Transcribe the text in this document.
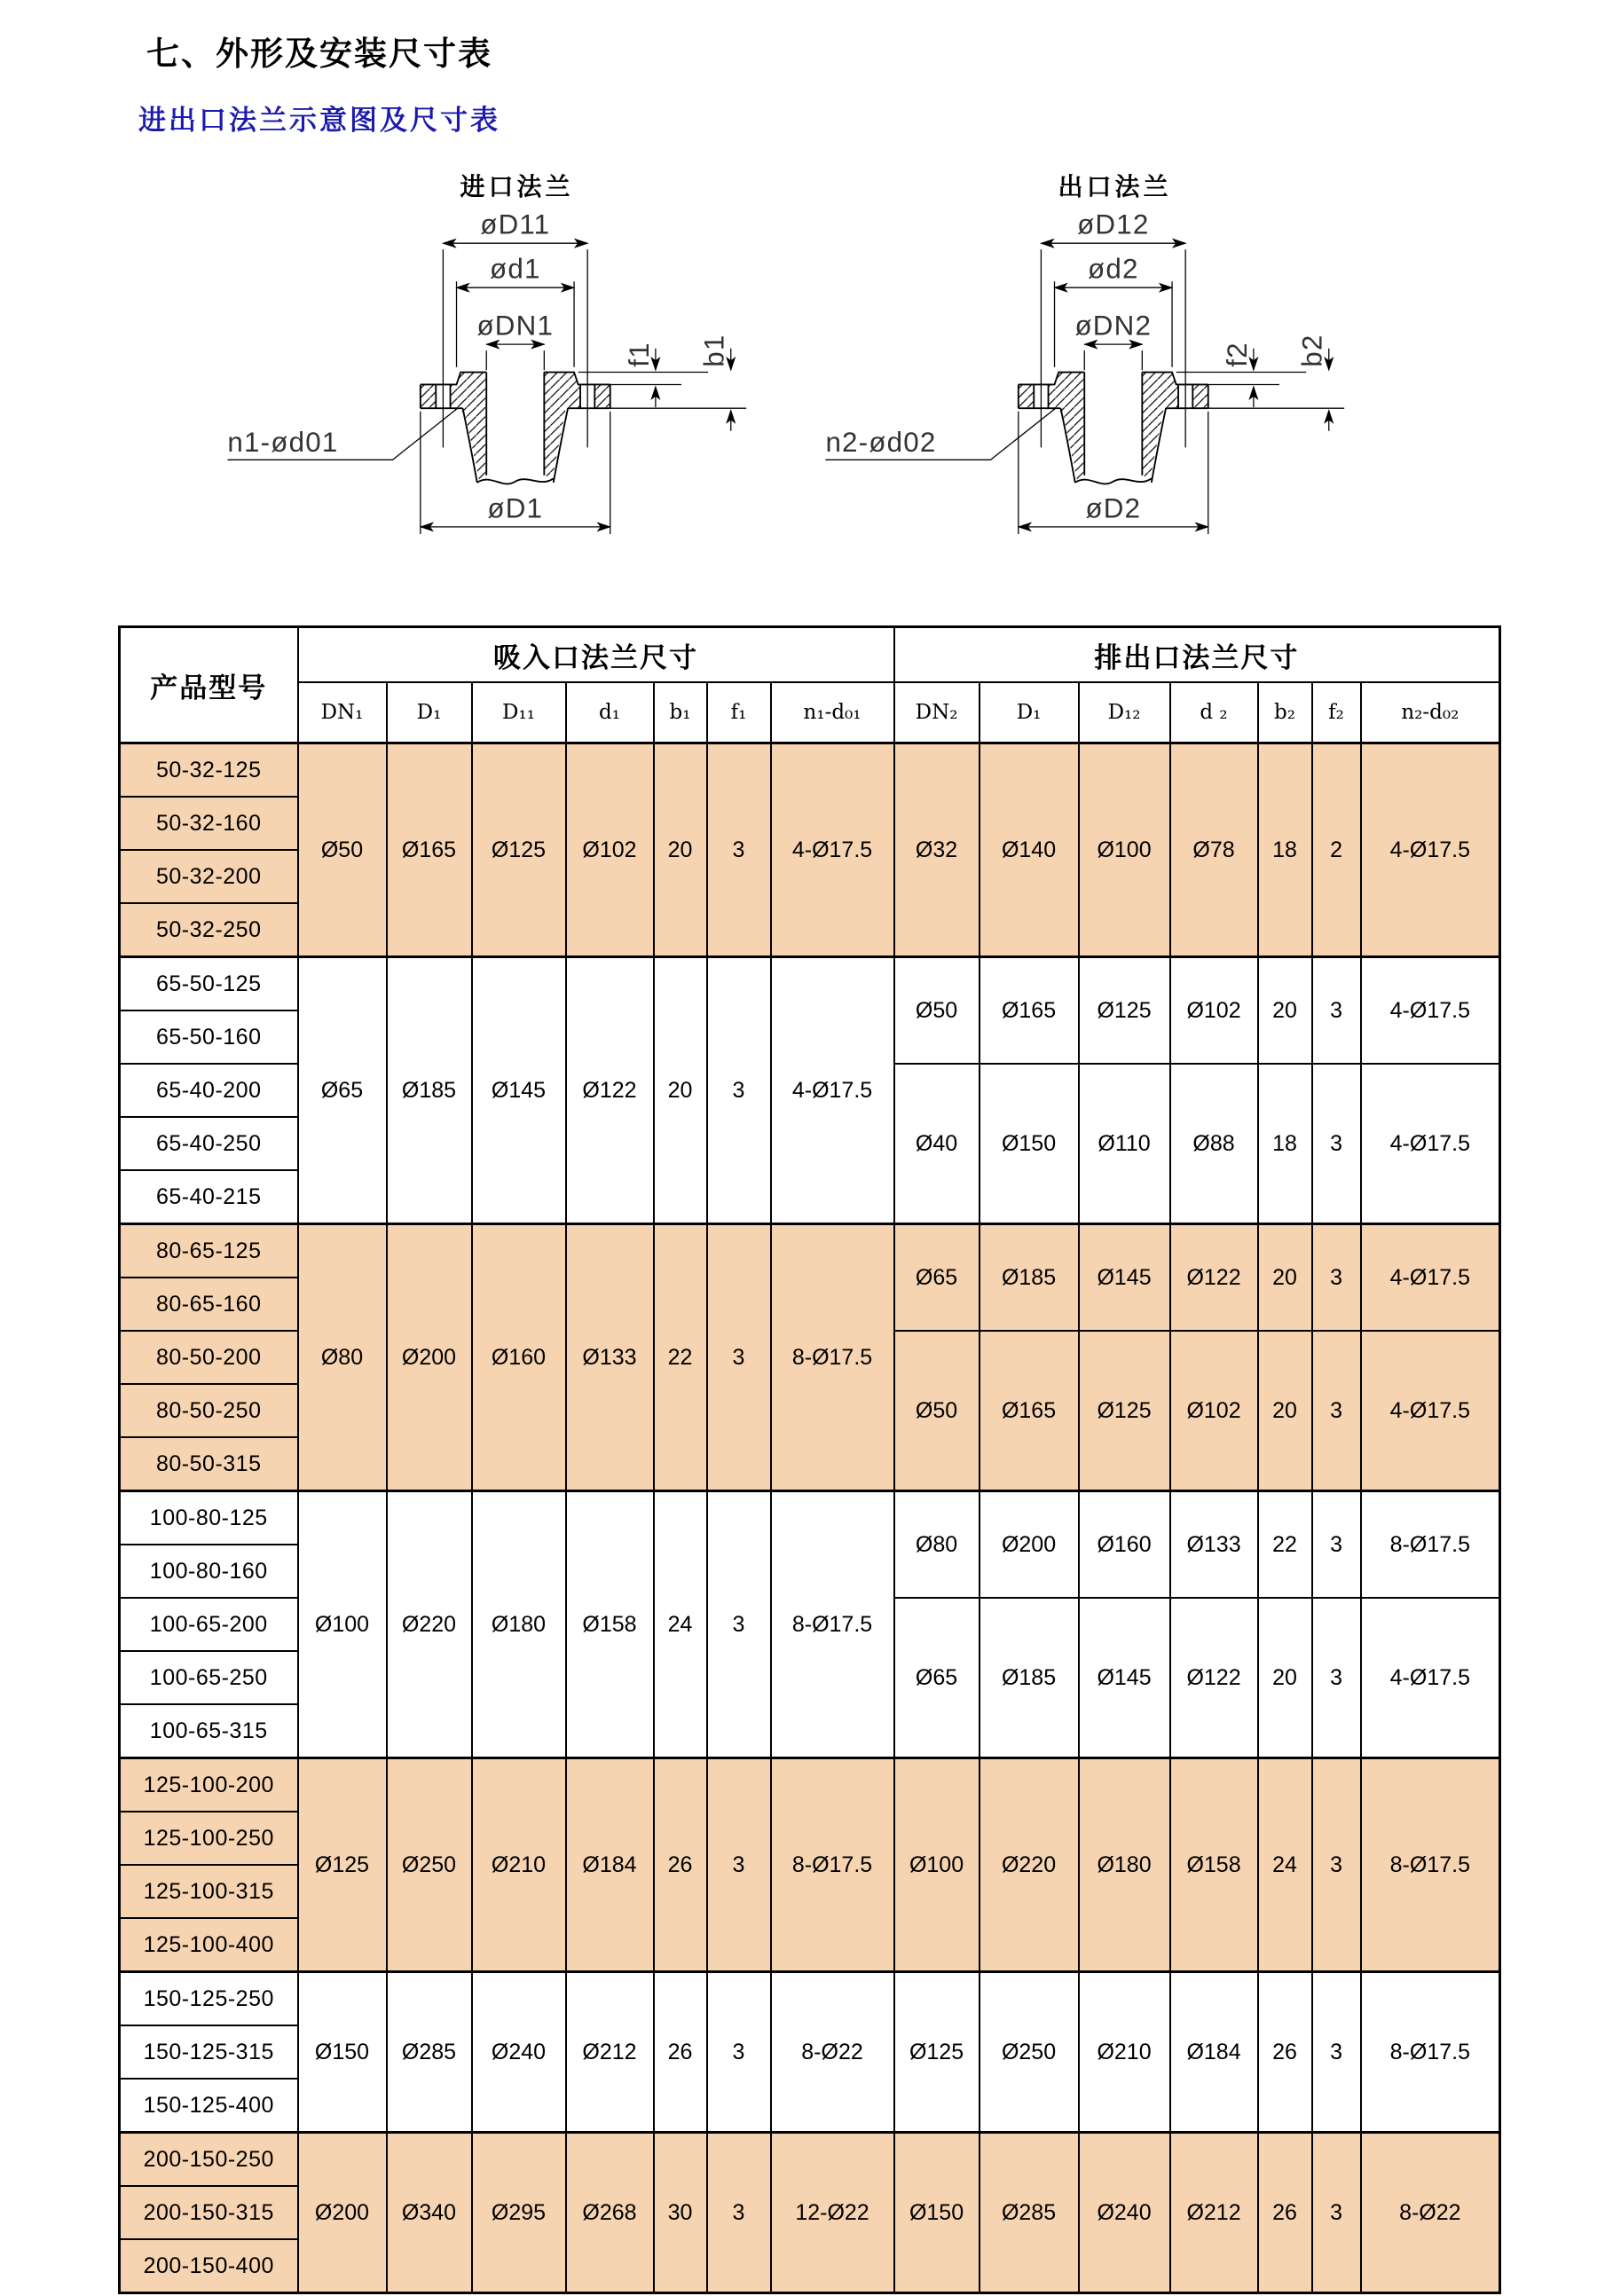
七、外形及安装尺寸表
进出口法兰示意图及尺寸表
进口法兰
øD11
ød1
øDN1
øD1
f1 b1
n1-ød01
出口法兰
øD12
ød2
øDN2
øD2
f2 b2
n2-ød02
产品型号	吸入口法兰尺寸							排出口法兰尺寸						
	DN₁	D₁	D₁₁	d₁	b₁	f₁	n₁-d₀₁	DN₂	D₁	D₁₂	d ₂	b₂	f₂	n₂-d₀₂
50-32-125	Ø50	Ø165	Ø125	Ø102	20	3	4-Ø17.5	Ø32	Ø140	Ø100	Ø78	18	2	4-Ø17.5
50-32-160														
50-32-200														
50-32-250														
65-50-125	Ø65	Ø185	Ø145	Ø122	20	3	4-Ø17.5	Ø50	Ø165	Ø125	Ø102	20	3	4-Ø17.5
65-50-160														
65-40-200								Ø40	Ø150	Ø110	Ø88	18	3	4-Ø17.5
65-40-250														
65-40-215														
80-65-125	Ø80	Ø200	Ø160	Ø133	22	3	8-Ø17.5	Ø65	Ø185	Ø145	Ø122	20	3	4-Ø17.5
80-65-160														
80-50-200								Ø50	Ø165	Ø125	Ø102	20	3	4-Ø17.5
80-50-250														
80-50-315														
100-80-125	Ø100	Ø220	Ø180	Ø158	24	3	8-Ø17.5	Ø80	Ø200	Ø160	Ø133	22	3	8-Ø17.5
100-80-160														
100-65-200								Ø65	Ø185	Ø145	Ø122	20	3	4-Ø17.5
100-65-250														
100-65-315														
125-100-200	Ø125	Ø250	Ø210	Ø184	26	3	8-Ø17.5	Ø100	Ø220	Ø180	Ø158	24	3	8-Ø17.5
125-100-250														
125-100-315														
125-100-400														
150-125-250	Ø150	Ø285	Ø240	Ø212	26	3	8-Ø22	Ø125	Ø250	Ø210	Ø184	26	3	8-Ø17.5
150-125-315														
150-125-400														
200-150-250	Ø200	Ø340	Ø295	Ø268	30	3	12-Ø22	Ø150	Ø285	Ø240	Ø212	26	3	8-Ø22
200-150-315														
200-150-400														
